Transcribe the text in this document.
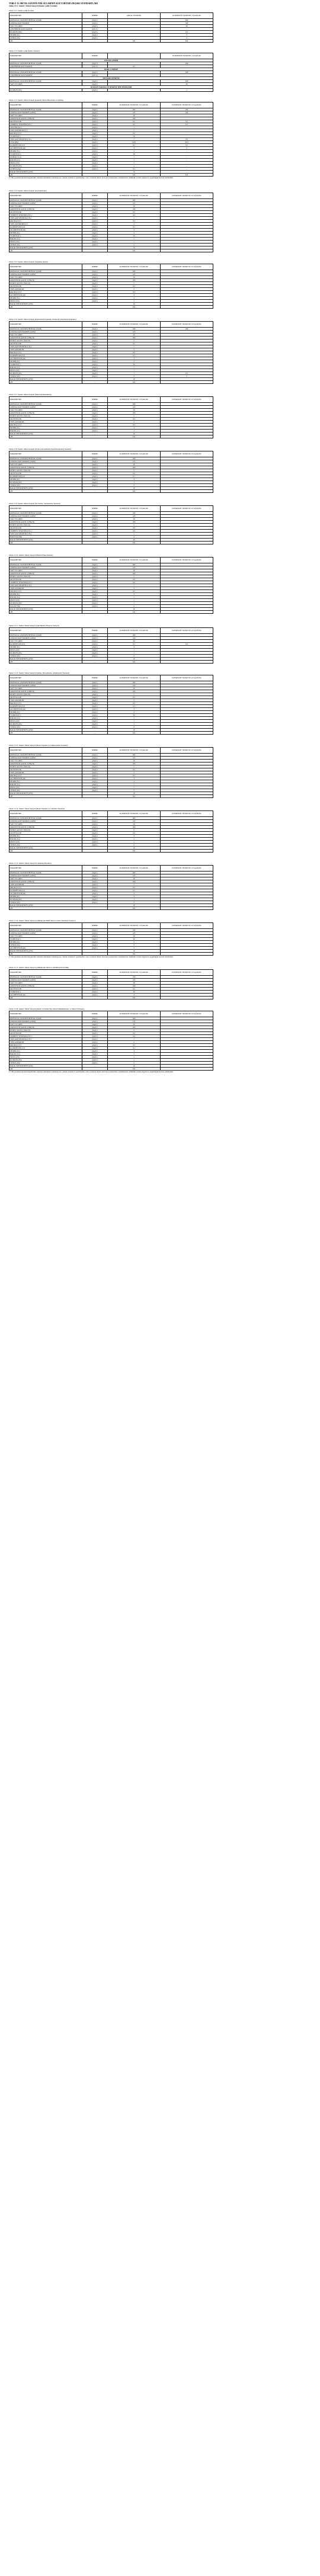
TABLO 15: METAL SANAYİİ ATIK SULARININ ALICI ORTAMA DEŞARJ STANDARTLARI
Tablo 15.1: Sektör: Metal Sanayii (Demir Çelik Üretimi)
Tablo 15.1: Demir Çelik Üretimi
PARAMETRE	BİRİM	ANLIK NUMUNE	KOMPOZİT NUMUNE 2 SAATLİK
KİMYASAL OKSİJEN İHTİYACI (KOİ)	(mg/L)		200
ASKIDA KATI MADDE	(mg/L)		100
YAĞ VE GRES	(mg/L)		20
ÇÖKEBİLİR KATI MADDE	(mL/L)		-
KURŞUN (Pb)	(mg/L)		0.5
DEMİR (Fe)	(mg/L)		3
ÇİNKO (Zn)	(mg/L)		3
pH	-	6-9	6-9
Tablo 15.2: Demir Çelik İşleme Tesisleri
PARAMETRE	BİRİM		KOMPOZİT NUMUNE 2 SAATLİK
SOĞUK ÇEKİM			
KİMYASAL OKSİJEN İHTİYACI (KOİ)	(mg/L)		200
ÇÖKEBİLİR KATI MADDE	(mL/L)	0.5	
BORU ÇEKİMİ			
KİMYASAL OKSİJEN İHTİYACI (KOİ)	(mg/L)		200
ÇÖKEBİLİR KATI MADDE	(mL/L)		-
DEVAMLI DÖKÜM			
KİMYASAL OKSİJEN İHTİYACI (KOİ)	(mg/L)		200
YAĞ VE GRES	(mg/L)		20
KURŞUN YAKMA VE DÖKÜM TİPİ TESİSLERİ			
KURŞUN (Pb)	(mg/L)		1
Tablo 15.3: Sektör: Metal Sanayii (Genelde Metal Hazırlama ve İşleme)
PARAMETRE	BİRİM	KOMPOZİT NUMUNE 2 SAATLİK	KOMPOZİT NUMUNE 24 SAATLİK
KİMYASAL OKSİJEN İHTİYACI (KOİ)	(mg/L)	200	100
ASKIDA KATI MADDE (AKM)	(mg/L)	125	100
YAĞ VE GRES	(mg/L)	20	-
AMONYUM AZOTU (NH4-N)	(mg/L)	100	-
AKTİF KLOR	(mg/L)	0.5	0.5
SERBEST SİYANÜR (CN-)	(mg/L)	0.2	0.1
SÜLFÜR (S2-)	(mg/L)	1	-
TOPLAM KROM (Cr)	(mg/L)	2	-
KROM (Cr6+)	(mg/L)	0.5	-
FLORÜR (F-)	(mg/L)	50	-
TOPLAM SİYANÜR (CN-)	(mg/L)	1	0.5
CİVA (Hg)	(mg/L)	0.05	0.01
KADMİYUM (Cd)	(mg/L)	0.1	0.1
ALÜMİNYUM (Al)	(mg/L)	3	2
DEMİR (Fe)	(mg/L)	3	-
FLORÜR (F-)	(mg/L)	50	-
KOBALT (Co)	(mg/L)	1	-
BAKIR (Cu)	(mg/L)	1	-
NİKEL (Ni)	(mg/L)	1	-
KURŞUN (Pb)	(mg/L)	1	-
GÜMÜŞ (Ag)	(mg/L)	0.1	-
BALIK BİYODENEYİ (ZSF)	-	10	-
pH	-	6-9	6-9
(*) Bu parametrelerden hangilerinin atıksuda bulunması bekleniyorsa, onların analizleri yapılmalıdır. Alıcı ortamda bunlar ilaveten parametreler analizlerinde, mümkün verilen değerlere uygunluğun kontrol edilmelidir.
Tablo 15.4: Sektör: Metal Sanayii (Galvanizleme)
PARAMETRE	BİRİM	KOMPOZİT NUMUNE 2 SAATLİK	KOMPOZİT NUMUNE 24 SAATLİK
KİMYASAL OKSİJEN İHTİYACI (KOİ)	(mg/L)	400	
ASKIDA KATI MADDE (AKM)	(mg/L)	125	
YAĞ VE GRES	(mg/L)	20	
AMONYUM AZOTU (NH4-N)	(mg/L)	100	
AKTİF KLOR	(mg/L)	0.5	
SERBEST SİYANÜR (CN-)	(mg/L)	0.2	
TOPLAM SİYANÜR (CN-)	(mg/L)	1	
KROM (Cr6+)	(mg/L)	0.5	
TOPLAM KROM (Cr)	(mg/L)	2	
KADMİYUM (Cd)	(mg/L)	0.1	
ALÜMİNYUM (Al)	(mg/L)	3	
DEMİR (Fe)	(mg/L)	3	
FLORÜR (F-)	(mg/L)	50	
BAKIR (Cu)	(mg/L)	1	
NİKEL (Ni)	(mg/L)	1	
ÇİNKO (Zn)	(mg/L)	5	
BALIK BİYODENEYİ (ZSF)	-	10	
pH	-	6-9	
Tablo 15.5: Sektör: Metal Sanayii (Sağlama İşlemi)
PARAMETRE	BİRİM	KOMPOZİT NUMUNE 2 SAATLİK	KOMPOZİT NUMUNE 24 SAATLİK
KİMYASAL OKSİJEN İHTİYACI (KOİ)	(mg/L)	200	
ASKIDA KATI MADDE (AKM)	(mg/L)	125	
YAĞ VE GRES	(mg/L)	20	
AMONYUM AZOTU (NH4-N)	(mg/L)	100	
NİTRİT AZOTU (NO2-N)	(mg/L)	5	
AKTİF KLOR	(mg/L)	0.5	
TOPLAM KROM	(mg/L)	2	
KROM (Cr6+)	(mg/L)	0.5	
ALÜMİNYUM (Al)	(mg/L)	3	
DEMİR (Fe)	(mg/L)	3	
NİKEL (Ni)	(mg/L)	1	
BALIK BİYODENEYİ (ZSF)	-	10	
pH	-	6-9	
Tablo 15.6: Sektör: Metal Sanayii (Elektrolitik Kaplama, Elektrolit Yardımıyla Kaplama)
PARAMETRE	BİRİM	KOMPOZİT NUMUNE 2 SAATLİK	KOMPOZİT NUMUNE 24 SAATLİK
KİMYASAL OKSİJEN İHTİYACI (KOİ)	(mg/L)	200	100
ASKIDA KATI MADDE (AKM)	(mg/L)	125	
YAĞ VE GRES	(mg/L)	20	
AMONYUM AZOTU (NH4-N)	(mg/L)	100	
NİTRİT AZOTU (NO2-N)	(mg/L)	5	
AKTİF KLOR	(mg/L)	0.5	
TOPLAM SİYANÜR (CN-)	(mg/L)	1	
TOPLAM KROM	(mg/L)	2	
KROM (Cr6+)	(mg/L)	0.5	
KADMİYUM (Cd)	(mg/L)	0.1	
ALÜMİNYUM (Al)	(mg/L)	3	
DEMİR (Fe)	(mg/L)	3	
FLORÜR (F-)	(mg/L)	50	
BAKIR (Cu)	(mg/L)	1	
NİKEL (Ni)	(mg/L)	1	
KURŞUN (Pb)	(mg/L)	1	0.5
ÇİNKO (Zn)	(mg/L)	5	2
BALIK BİYODENEYİ (ZSF)	-	10	
pH	-	6-9	
Tablo 15.7: Sektör: Metal Sanayii (Metal Renklendirme)
PARAMETRE	BİRİM	KOMPOZİT NUMUNE 2 SAATLİK	KOMPOZİT NUMUNE 24 SAATLİK
KİMYASAL OKSİJEN İHTİYACI (KOİ)	(mg/L)	200	
ASKIDA KATI MADDE (AKM)	(mg/L)	125	
YAĞ VE GRES	(mg/L)	20	
AMONYUM AZOTU (NH4-N)	(mg/L)	100	
NİTRİT AZOTU (NO2-N)	(mg/L)	5	
AKTİF KLOR	(mg/L)	0.5	
TOPLAM KROM	(mg/L)	2	
KROM (Cr6+)	(mg/L)	0.5	
DEMİR (Fe)	(mg/L)	3	
BAKIR (Cu)	(mg/L)	1	
BALIK BİYODENEYİ (ZSF)	-	10	
pH	-	6-9	
Tablo 15.8: Sektör: Metal Sanayii (Sıcak Galvanizleme (Işlem Kaplama) Tesisleri)
PARAMETRE	BİRİM	KOMPOZİT NUMUNE 2 SAATLİK	KOMPOZİT NUMUNE 24 SAATLİK
KİMYASAL OKSİJEN İHTİYACI (KOİ)	(mg/L)	200	
ASKIDA KATI MADDE (AKM)	(mg/L)	125	
YAĞ VE GRES	(mg/L)	20	
AMONYUM AZOTU (NH4-N)	(mg/L)	100	
NİTRİT AZOTU (NO2-N)	(mg/L)	5	
AKTİF KLOR	(mg/L)	0.5	
KADMİYUM (Cd)	(mg/L)	0.1	
DEMİR (Fe)	(mg/L)	3	
KURŞUN (Pb)	(mg/L)	1	
ÇİNKO (Zn)	(mg/L)	5	
BALIK BİYODENEYİ (ZSF)	-	10	
pH	-	6-9	
Tablo 15.9: Sektör: Metal Sanayii (Su Verme, Sertleştirme Tesisleri)
PARAMETRE	BİRİM	KOMPOZİT NUMUNE 2 SAATLİK	KOMPOZİT NUMUNE 24 SAATLİK
KİMYASAL OKSİJEN İHTİYACI (KOİ)	(mg/L)	100	
ASKIDA KATI MADDE (AKM)	(mg/L)	125	
YAĞ VE GRES	(mg/L)	20	
AMONYUM AZOTU (NH4-N)	(mg/L)	100	
NİTRİT AZOTU (NO2-N)	(mg/L)	5	
AKTİF KLOR	(mg/L)	0.5	
SERBEST SİYANÜR (CN-)	(mg/L)	0.2	
TOPLAM SİYANÜR (CN-)	(mg/L)	1	
BARYUM (Ba)	(mg/L)	2	
BALIK BİYODENEYİ (ZSF)	-	40	
pH	-	6-9	
Tablo 15.10: Sektör: Metal Sanayii (Baskılı Plaka İmalatı)
PARAMETRE	BİRİM	KOMPOZİT NUMUNE 2 SAATLİK	KOMPOZİT NUMUNE 24 SAATLİK
KİMYASAL OKSİJEN İHTİYACI (KOİ)	(mg/L)	400	
ASKIDA KATI MADDE (AKM)	(mg/L)	125	
YAĞ VE GRES	(mg/L)	20	
AMONYUM AZOTU (NH4-N)	(mg/L)	100	
NİTRİT AZOTU (NO2-N)	(mg/L)	5	
AKTİF KLOR	(mg/L)	0.5	
SERBEST SİYANÜR (CN-)	(mg/L)	0.2	
TOPLAM SİYANÜR (CN-)	(mg/L)	1	
TOPLAM KROM	(mg/L)	2	
KROM (Cr6+)	(mg/L)	0.5	
DEMİR (Fe)	(mg/L)	3	
BAKIR (Cu)	(mg/L)	1	
NİKEL (Ni)	(mg/L)	1	
KURŞUN (Pb)	(mg/L)	1	
KALAY (Sn)	(mg/L)	2	
BALIK BİYODENEYİ (ZSF)	-	10	
pH	-	6-9	
Tablo 15.11: Sektör: Metal Sanayii (Akü İmalatı, Batarya Sanayii)
PARAMETRE	BİRİM	KOMPOZİT NUMUNE 2 SAATLİK	KOMPOZİT NUMUNE 24 SAATLİK
KİMYASAL OKSİJEN İHTİYACI (KOİ)	(mg/L)	200	
ASKIDA KATI MADDE (AKM)	(mg/L)	125	
YAĞ VE GRES	(mg/L)	20	
KADMİYUM (Cd)	(mg/L)	0.1	0.2
DEMİR (Fe)	(mg/L)	3	
NİKEL (Ni)	(mg/L)	1	
KURŞUN (Pb)	(mg/L)	1	
ÇİNKO (Zn)	(mg/L)	5	
BALIK BİYODENEYİ (ZSF)	-	10	
pH	-	6-9	
Tablo 15.12: Sektör: Metal Sanayii (İşleme, Emayelleme, Alüminyum Tesisleri)
PARAMETRE	BİRİM	KOMPOZİT NUMUNE 2 SAATLİK	KOMPOZİT NUMUNE 24 SAATLİK
KİMYASAL OKSİJEN İHTİYACI (KOİ)	(mg/L)	200	
ASKIDA KATI MADDE (AKM)	(mg/L)	125	
YAĞ VE GRES	(mg/L)	20	
AMONYUM AZOTU (NH4-N)	(mg/L)	100	
NİTRİT AZOTU (NO2-N)	(mg/L)	5	
AKTİF KLOR	(mg/L)	0.5	
TOPLAM KROM	(mg/L)	2	
KROM (Cr6+)	(mg/L)	0.5	
KADMİYUM (Cd)	(mg/L)	0.1	
ALÜMİNYUM (Al)	(mg/L)	3	
DEMİR (Fe)	(mg/L)	3	
FLORÜR (F-)	(mg/L)	50	
BAKIR (Cu)	(mg/L)	1	
NİKEL (Ni)	(mg/L)	1	
KURŞUN (Pb)	(mg/L)	1	
ÇİNKO (Zn)	(mg/L)	5	
BALIK BİYODENEYİ (ZSF)	-	10	
pH	-	6-9	
Tablo 15.13: Sektör: Metal Sanayii (Metal Taşlama ve Zımparalama Tesisleri)
PARAMETRE	BİRİM	KOMPOZİT NUMUNE 2 SAATLİK	KOMPOZİT NUMUNE 24 SAATLİK
KİMYASAL OKSİJEN İHTİYACI (KOİ)	(mg/L)	400	
ASKIDA KATI MADDE (AKM)	(mg/L)	125	
YAĞ VE GRES	(mg/L)	20	
AMONYUM AZOTU (NH4-N)	(mg/L)	100	
NİTRİT AZOTU (NO2-N)	(mg/L)	5	
AKTİF KLOR	(mg/L)	0.5	
TOPLAM KROM	(mg/L)	2	
KROM (Cr6+)	(mg/L)	0.5	
ALÜMİNYUM (Al)	(mg/L)	3	
DEMİR (Fe)	(mg/L)	3	
BAKIR (Cu)	(mg/L)	1	
NİKEL (Ni)	(mg/L)	1	
ÇİNKO (Zn)	(mg/L)	5	
BALIK BİYODENEYİ (ZSF)	-	10	
pH	-	6-9	
Tablo 15.14: Sektör: Metal Sanayii (Metal Taşlama ve Cilalama Tesisleri)
PARAMETRE	BİRİM	KOMPOZİT NUMUNE 2 SAATLİK	KOMPOZİT NUMUNE 24 SAATLİK
KİMYASAL OKSİJEN İHTİYACI (KOİ)	(mg/L)	400	
ASKIDA KATI MADDE (AKM)	(mg/L)	125	
YAĞ VE GRES	(mg/L)	20	
AMONYUM AZOTU (NH4-N)	(mg/L)	100	
NİTRİT AZOTU (NO2-N)	(mg/L)	5	
AKTİF KLOR	(mg/L)	0.5	
DEMİR (Fe)	(mg/L)	3	
BAKIR (Cu)	(mg/L)	1	
NİKEL (Ni)	(mg/L)	1	
ÇİNKO (Zn)	(mg/L)	5	
BALIK BİYODENEYİ (ZSF)	-	10	
pH	-	6-9	
Tablo 15.15: Sektör: Metal Sanayii (Lakeleme Boyama)
PARAMETRE	BİRİM	KOMPOZİT NUMUNE 2 SAATLİK	KOMPOZİT NUMUNE 24 SAATLİK
KİMYASAL OKSİJEN İHTİYACI (KOİ)	(mg/L)	400	
ASKIDA KATI MADDE (AKM)	(mg/L)	125	
YAĞ VE GRES	(mg/L)	20	
AMONYUM AZOTU (NH4-N)	(mg/L)	100	
TOPLAM KROM	(mg/L)	2	
KROM (Cr6+)	(mg/L)	0.5	
KADMİYUM (Cd)	(mg/L)	0.1	
ALÜMİNYUM (Al)	(mg/L)	3	
DEMİR (Fe)	(mg/L)	3	
KURŞUN (Pb)	(mg/L)	1	
ÇİNKO (Zn)	(mg/L)	5	
BALIK BİYODENEYİ (ZSF)	-	10	
pH	-	6-9	
Tablo 15.16: Sektör: Metal Sanayii (Alüminyum Hafif Metal Cevher İşletmesi Tesisleri)
PARAMETRE	BİRİM	KOMPOZİT NUMUNE 2 SAATLİK	KOMPOZİT NUMUNE 24 SAATLİK
KİMYASAL OKSİJEN İHTİYACI (KOİ)	(mg/L)	100	
ASKIDA KATI MADDE (AKM)	(mg/L)	125	
YAĞ VE GRES	(mg/L)	20	
FLORÜR (F-)	(mg/L)	50	
DEMİR (Fe)	(mg/L)	3	
ÇİNKO (Zn)	(mg/L)	5	
ALÜMİNYUM (Al)	(mg/L)	3	
BALIK BİYODENEYİ (ZSF)	-	10	
pH	-	6-9	
(*) Bu parametrelerden hangilerinin atıksuda bulunması bekleniyorsa, onların analizleri yapılmalıdır. Alıcı ortamda bunlar ilaveten parametreler analizlerinde, mümkün verilen değerlere uygunluğun kontrol edilmelidir.
Tablo 15.17: Sektör: Metal Sanayii (Alüminyum Oksit ve Alüminyum Üretimi)
PARAMETRE	BİRİM	KOMPOZİT NUMUNE 2 SAATLİK	KOMPOZİT NUMUNE 24 SAATLİK
KİMYASAL OKSİJEN İHTİYACI (KOİ)	(mg/L)	150	
ASKIDA KATI MADDE (AKM)	(mg/L)	125	
YAĞ VE GRES	(mg/L)	20	
AMONYUM AZOTU (NH4-N)	(mg/L)	100	
AKTİF KLOR	(mg/L)	0.5	
FLORÜR (F-)	(mg/L)	30	
ALÜMİNYUM (Al)	(mg/L)	3	
pH	-	6-9	
Tablo 15.18: Sektör: Metal Sanayii (Demir ve Demir Dışı Metal Dökümhaneler ve Metal Eritmeler)
PARAMETRE	BİRİM	KOMPOZİT NUMUNE 2 SAATLİK	KOMPOZİT NUMUNE 24 SAATLİK
KİMYASAL OKSİJEN İHTİYACI (KOİ)	(mg/L)	200	
ASKIDA KATI MADDE (AKM)	(mg/L)	125	
YAĞ VE GRES	(mg/L)	20	
AMONYUM AZOTU (NH4-N)	(mg/L)	100	
NİTRİT AZOTU (NO2-N)	(mg/L)	5	
AKTİF KLOR	(mg/L)	0.5	
SERBEST SİYANÜR (CN-)	(mg/L)	0.2	
TOPLAM SİYANÜR (CN-)	(mg/L)	1	
TOPLAM KROM	(mg/L)	2	
KROM (Cr6+)	(mg/L)	0.5	
KADMİYUM (Cd)	(mg/L)	0.1	
DEMİR (Fe)	(mg/L)	3	
BAKIR (Cu)	(mg/L)	1	
NİKEL (Ni)	(mg/L)	1	
KURŞUN (Pb)	(mg/L)	1	
ÇİNKO (Zn)	(mg/L)	5	
BALIK BİYODENEYİ (ZSF)	-	10	
pH	-	6-9	
(*) Bu parametrelerden hangilerinin atıksuda bulunması bekleniyorsa, onların analizleri yapılmalıdır. Alıcı ortamda bunlar ilaveten parametreler analizlerinde, mümkün verilen değerlere uygunluğun kontrol edilmelidir.
